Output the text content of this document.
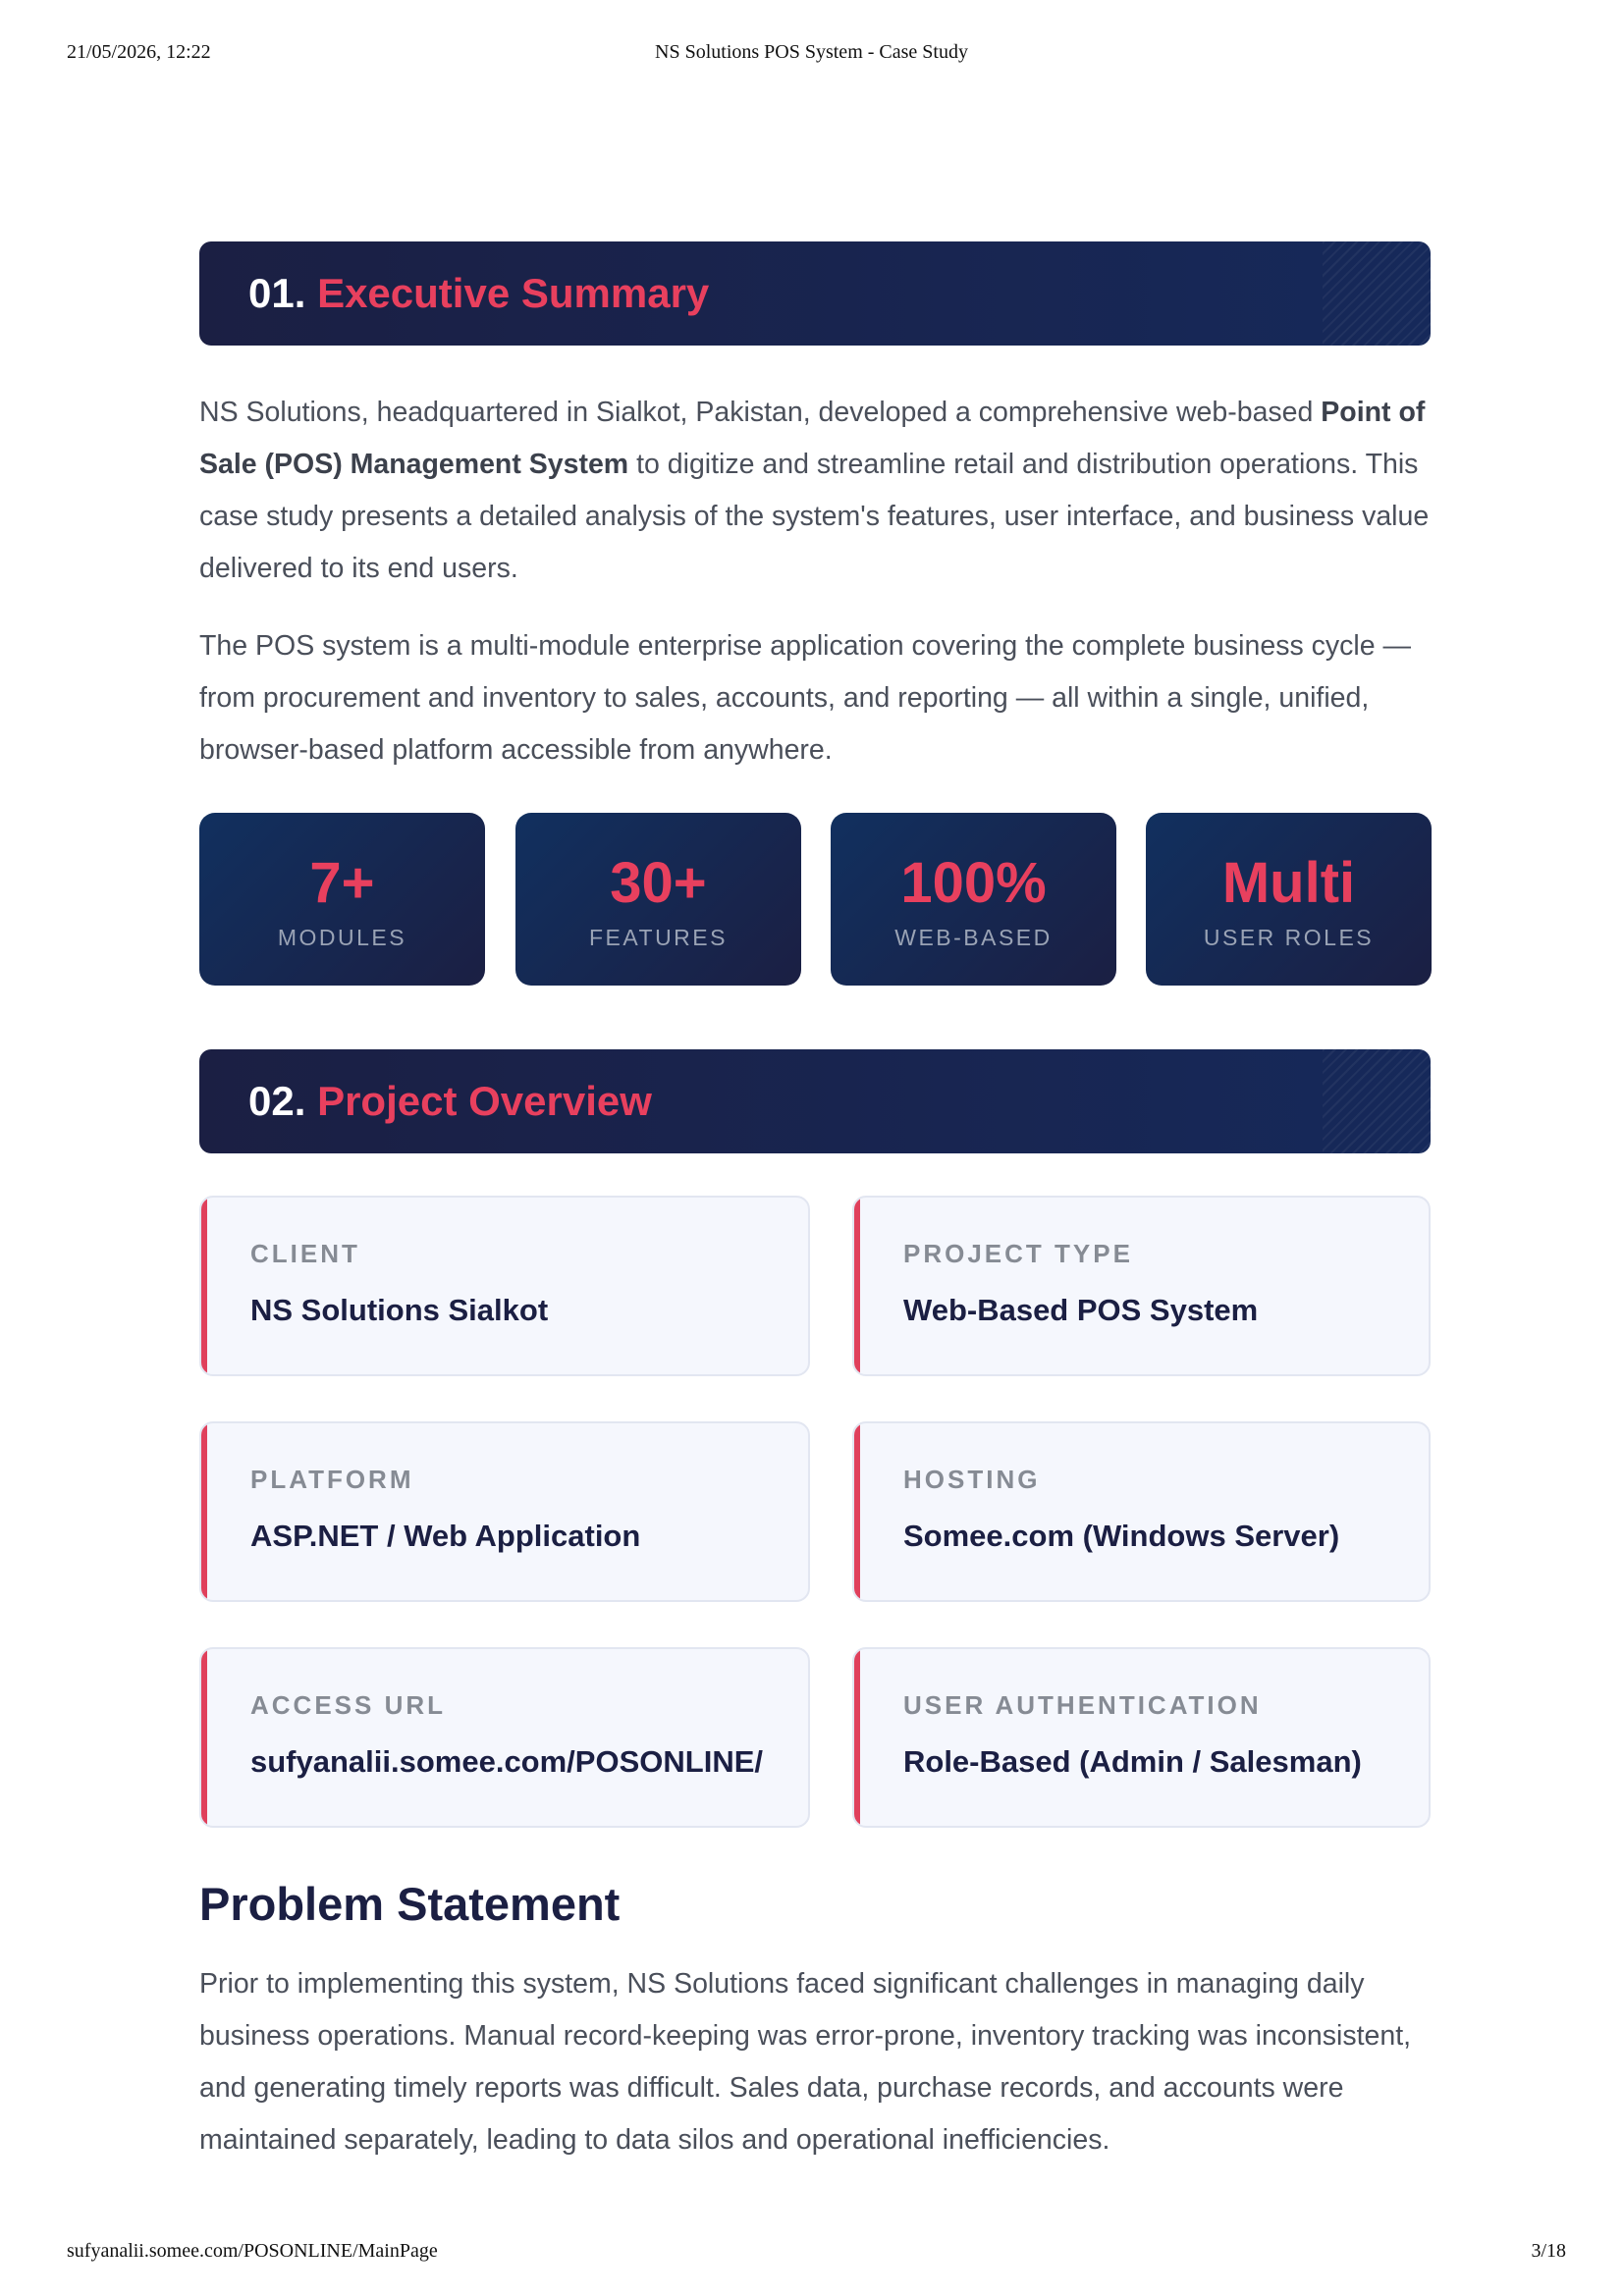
21/05/2026, 12:22	NS Solutions POS System - Case Study
01. Executive Summary

NS Solutions, headquartered in Sialkot, Pakistan, developed a comprehensive web-based Point of Sale (POS) Management System to digitize and streamline retail and distribution operations. This case study presents a detailed analysis of the system's features, user interface, and business value delivered to its end users.

The POS system is a multi-module enterprise application covering the complete business cycle — from procurement and inventory to sales, accounts, and reporting — all within a single, unified, browser-based platform accessible from anywhere.

7+
MODULES
30+
FEATURES
100%
WEB-BASED
Multi
USER ROLES
02. Project Overview
CLIENT
NS Solutions Sialkot
PROJECT TYPE
Web-Based POS System
PLATFORM
ASP.NET / Web Application
HOSTING
Somee.com (Windows Server)
ACCESS URL
sufyanalii.somee.com/POSONLINE/
USER AUTHENTICATION
Role-Based (Admin / Salesman)
Problem Statement

Prior to implementing this system, NS Solutions faced significant challenges in managing daily business operations. Manual record-keeping was error-prone, inventory tracking was inconsistent, and generating timely reports was difficult. Sales data, purchase records, and accounts were maintained separately, leading to data silos and operational inefficiencies.

sufyanalii.somee.com/POSONLINE/MainPage	3/18
